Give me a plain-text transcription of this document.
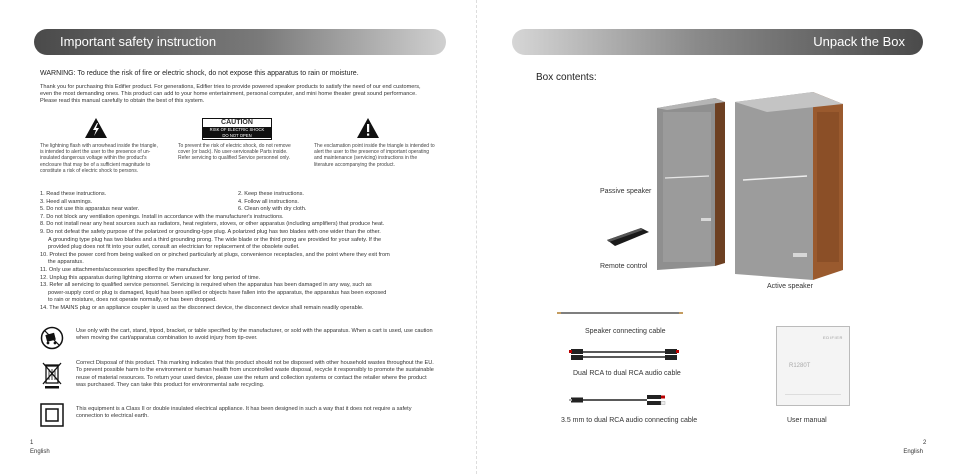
Important safety instruction
WARNING: To reduce the risk of fire or electric shock, do not expose this apparatus to rain or moisture.
Thank you for purchasing this Edifier product. For generations, Edifier tries to provide powered speaker products to satisfy the need of our end customers, even the most demanding ones. This product can add to your home entertainment, personal computer, and mini home theater great sound performance. Please read this manual carefully to obtain the best of this system.
The lightning flash with arrowhead inside the triangle, is intended to alert the user to the presence of un-insulated dangerous voltage within the product's enclosure that may be of a sufficient magnitude to constitute a risk of electric shock to persons.
CAUTION
RISK OF ELECTRIC SHOCK
DO NOT OPEN
To prevent the risk of electric shock, do not remove cover (or back). No user-serviceable Parts inside. Refer servicing to qualified Service personnel only.
The exclamation point inside the triangle is intended to alert the user to the presence of important operating and maintenance (servicing) instructions in the literature accompanying the product.
1. Read these instructions.	2. Keep these instructions.
3. Heed all warnings.	4. Follow all instructions.
5. Do not use this apparatus near water.	6. Clean only with dry cloth.
7. Do not block any ventilation openings. Install in accordance with the manufacturer's instructions.
8. Do not install near any heat sources such as radiators, heat registers, stoves, or other apparatus (including amplifiers) that produce heat.
9. Do not defeat the safety purpose of the polarized or grounding-type plug. A polarized plug has two blades with one wider than the other.
A grounding type plug has two blades and a third grounding prong. The wide blade or the third prong are provided for your safety. If the
provided plug does not fit into your outlet, consult an electrician for replacement of the obsolete outlet.
10. Protect the power cord from being walked on or pinched particularly at plugs, convenience receptacles, and the point where they exit from
the apparatus.
11. Only use attachments/accessories specified by the manufacturer.
12. Unplug this apparatus during lightning storms or when unused for long period of time.
13. Refer all servicing to qualified service personnel. Servicing is required when the apparatus has been damaged in any way, such as
power-supply cord or plug is damaged, liquid has been spilled or objects have fallen into the apparatus, the apparatus has been exposed
to rain or moisture, does not operate normally, or has been dropped.
14. The MAINS plug or an appliance coupler is used as the disconnect device, the disconnect device shall remain readily operable.
Use only with the cart, stand, tripod, bracket, or table specified by the manufacturer, or sold with the apparatus. When a cart is used, use caution when moving the cart/apparatus combination to avoid injury from tip-over.
Correct Disposal of this product. This marking indicates that this product should not be disposed with other household wastes throughout the EU. To prevent possible harm to the environment or human health from uncontrolled waste disposal, recycle it responsibly to promote the sustainable reuse of material resources. To return your used device, please use the return and collection systems or contact the retailer where the product was purchased. They can take this product for environmental safe recycling.
This equipment is a Class II or double insulated electrical appliance. It has been designed in such a way that it does not require a safety connection to electrical earth.
1
English
Unpack the Box
Box contents:
Passive speaker
Remote control
Active speaker
Speaker connecting cable
Dual RCA to dual RCA audio cable
3.5 mm to dual RCA audio connecting cable
EDIFIER
R1280T
User manual
2
English
